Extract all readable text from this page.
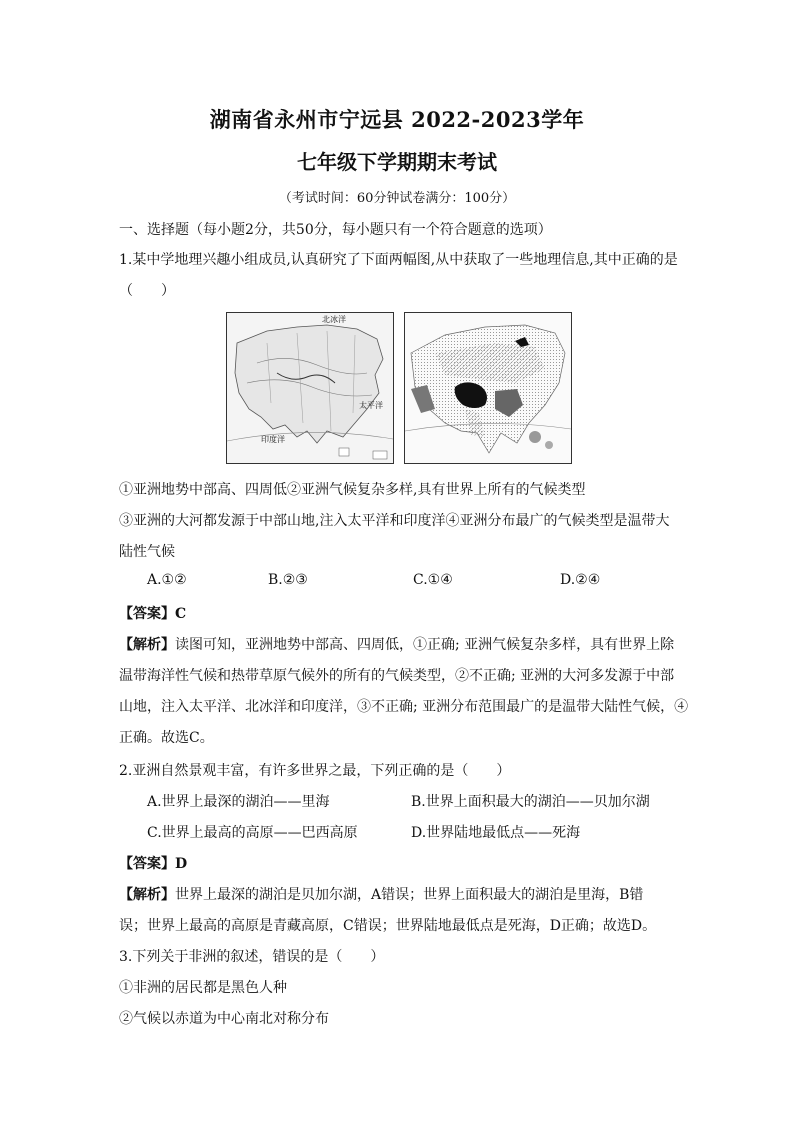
湖南省永州市宁远县 2022-2023学年
七年级下学期期末考试
（考试时间：60分钟试卷满分：100分）
一、选择题（每小题2分，共50分，每小题只有一个符合题意的选项）
1.某中学地理兴趣小组成员,认真研究了下面两幅图,从中获取了一些地理信息,其中正确的是
（　　）
北冰洋
太平洋
印度洋
①亚洲地势中部高、四周低②亚洲气候复杂多样,具有世界上所有的气候类型
③亚洲的大河都发源于中部山地,注入太平洋和印度洋④亚洲分布最广的气候类型是温带大
陆性气候
A.①②	B.②③	C.①④	D.②④
【答案】C
【解析】读图可知，亚洲地势中部高、四周低，①正确; 亚洲气候复杂多样，具有世界上除
温带海洋性气候和热带草原气候外的所有的气候类型，②不正确; 亚洲的大河多发源于中部
山地，注入太平洋、北冰洋和印度洋，③不正确; 亚洲分布范围最广的是温带大陆性气候，④
正确。故选C。
2.亚洲自然景观丰富，有许多世界之最，下列正确的是（　　）
A.世界上最深的湖泊——里海	B.世界上面积最大的湖泊——贝加尔湖
C.世界上最高的高原——巴西高原	D.世界陆地最低点——死海
【答案】D
【解析】世界上最深的湖泊是贝加尔湖，A错误；世界上面积最大的湖泊是里海，B错
误；世界上最高的高原是青藏高原，C错误；世界陆地最低点是死海，D正确；故选D。
3.下列关于非洲的叙述，错误的是（　　）
①非洲的居民都是黑色人种
②气候以赤道为中心南北对称分布
